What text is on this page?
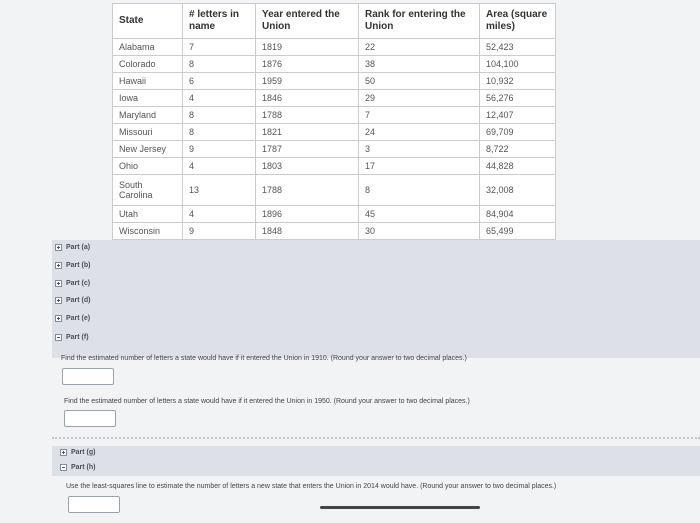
State	# letters in name	Year entered the Union	Rank for entering the Union	Area (square miles)
Alabama	7	1819	22	52,423
Colorado	8	1876	38	104,100
Hawaii	6	1959	50	10,932
Iowa	4	1846	29	56,276
Maryland	8	1788	7	12,407
Missouri	8	1821	24	69,709
New Jersey	9	1787	3	8,722
Ohio	4	1803	17	44,828
South Carolina	13	1788	8	32,008
Utah	4	1896	45	84,904
Wisconsin	9	1848	30	65,499
Part (a)
Part (b)
Part (c)
Part (d)
Part (e)
Part (f)
Find the estimated number of letters a state would have if it entered the Union in 1910. (Round your answer to two decimal places.)
Find the estimated number of letters a state would have if it entered the Union in 1950. (Round your answer to two decimal places.)
Part (g)
Part (h)
Use the least-squares line to estimate the number of letters a new state that enters the Union in 2014 would have. (Round your answer to two decimal places.)
